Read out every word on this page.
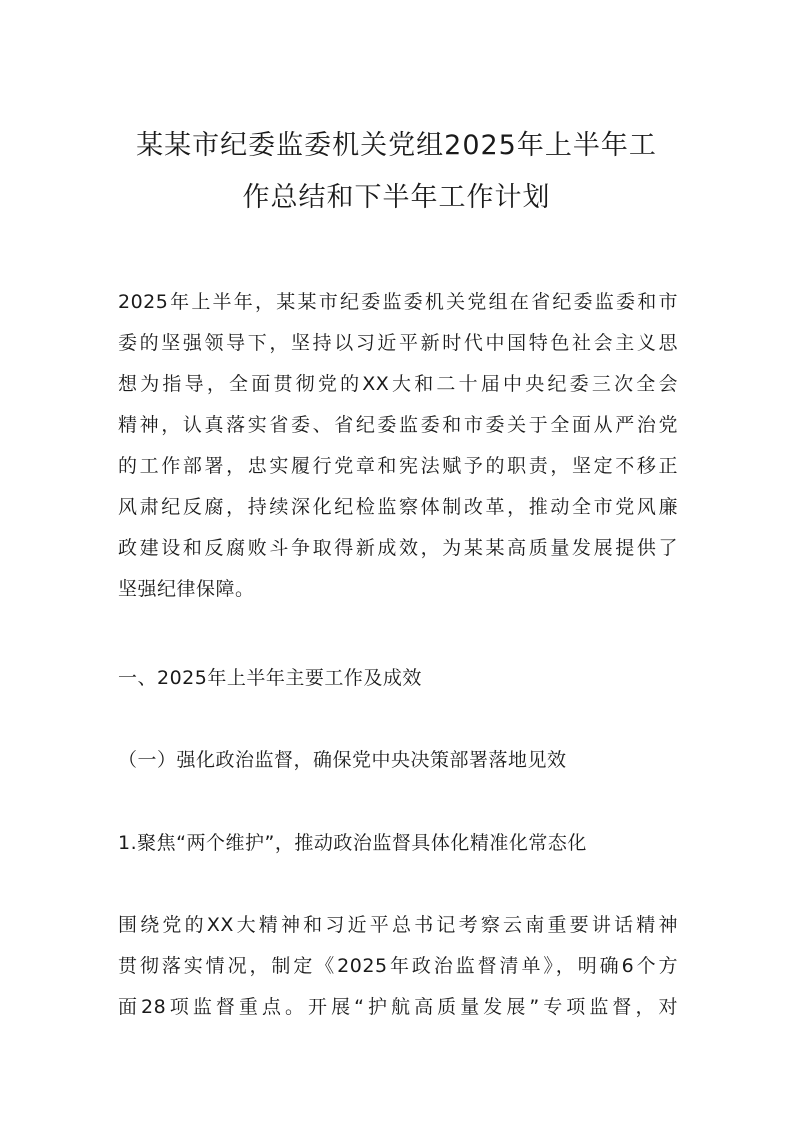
某某市纪委监委机关党组2025年上半年工
作总结和下半年工作计划

2025年上半年，某某市纪委监委机关党组在省纪委监委和市
委的坚强领导下，坚持以习近平新时代中国特色社会主义思
想为指导，全面贯彻党的XX大和二十届中央纪委三次全会
精神，认真落实省委、省纪委监委和市委关于全面从严治党
的工作部署，忠实履行党章和宪法赋予的职责，坚定不移正
风肃纪反腐，持续深化纪检监察体制改革，推动全市党风廉
政建设和反腐败斗争取得新成效，为某某高质量发展提供了
坚强纪律保障。

一、2025年上半年主要工作及成效

（一）强化政治监督，确保党中央决策部署落地见效

1.聚焦“两个维护”，推动政治监督具体化精准化常态化

围绕党的XX大精神和习近平总书记考察云南重要讲话精神
贯彻落实情况，制定《2025年政治监督清单》，明确6个方
面28项监督重点。开展“护航高质量发展”专项监督，对
